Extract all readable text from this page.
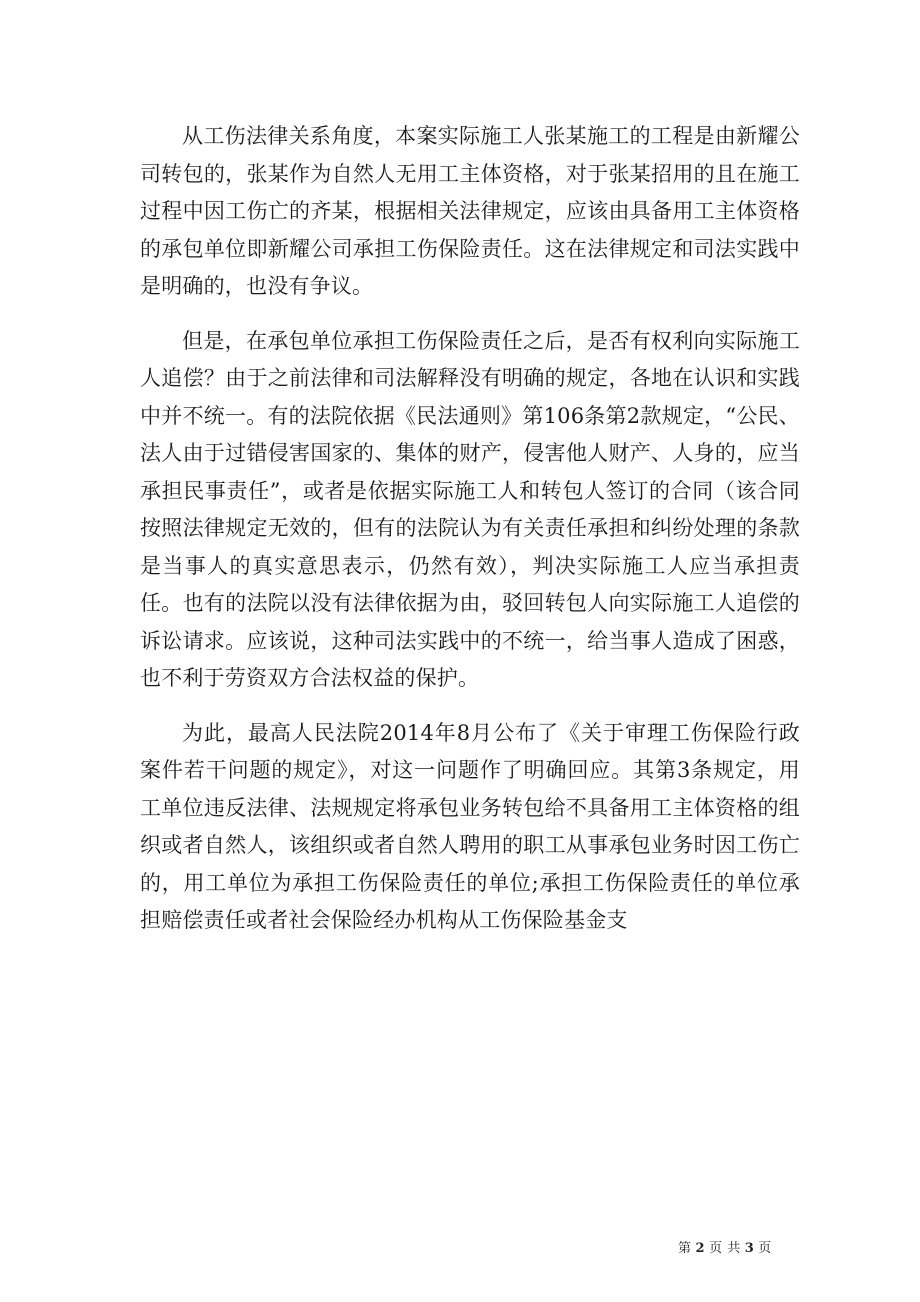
从工伤法律关系角度，本案实际施工人张某施工的工程是由新耀公司转包的，张某作为自然人无用工主体资格，对于张某招用的且在施工过程中因工伤亡的齐某，根据相关法律规定，应该由具备用工主体资格的承包单位即新耀公司承担工伤保险责任。这在法律规定和司法实践中是明确的，也没有争议。

但是，在承包单位承担工伤保险责任之后，是否有权利向实际施工人追偿？由于之前法律和司法解释没有明确的规定，各地在认识和实践中并不统一。有的法院依据《民法通则》第106条第2款规定，“公民、法人由于过错侵害国家的、集体的财产，侵害他人财产、人身的，应当承担民事责任”，或者是依据实际施工人和转包人签订的合同（该合同按照法律规定无效的，但有的法院认为有关责任承担和纠纷处理的条款是当事人的真实意思表示，仍然有效），判决实际施工人应当承担责任。也有的法院以没有法律依据为由，驳回转包人向实际施工人追偿的诉讼请求。应该说，这种司法实践中的不统一，给当事人造成了困惑，也不利于劳资双方合法权益的保护。

为此，最高人民法院2014年8月公布了《关于审理工伤保险行政案件若干问题的规定》，对这一问题作了明确回应。其第3条规定，用工单位违反法律、法规规定将承包业务转包给不具备用工主体资格的组织或者自然人，该组织或者自然人聘用的职工从事承包业务时因工伤亡的，用工单位为承担工伤保险责任的单位;承担工伤保险责任的单位承担赔偿责任或者社会保险经办机构从工伤保险基金支

第 2 页 共 3 页
